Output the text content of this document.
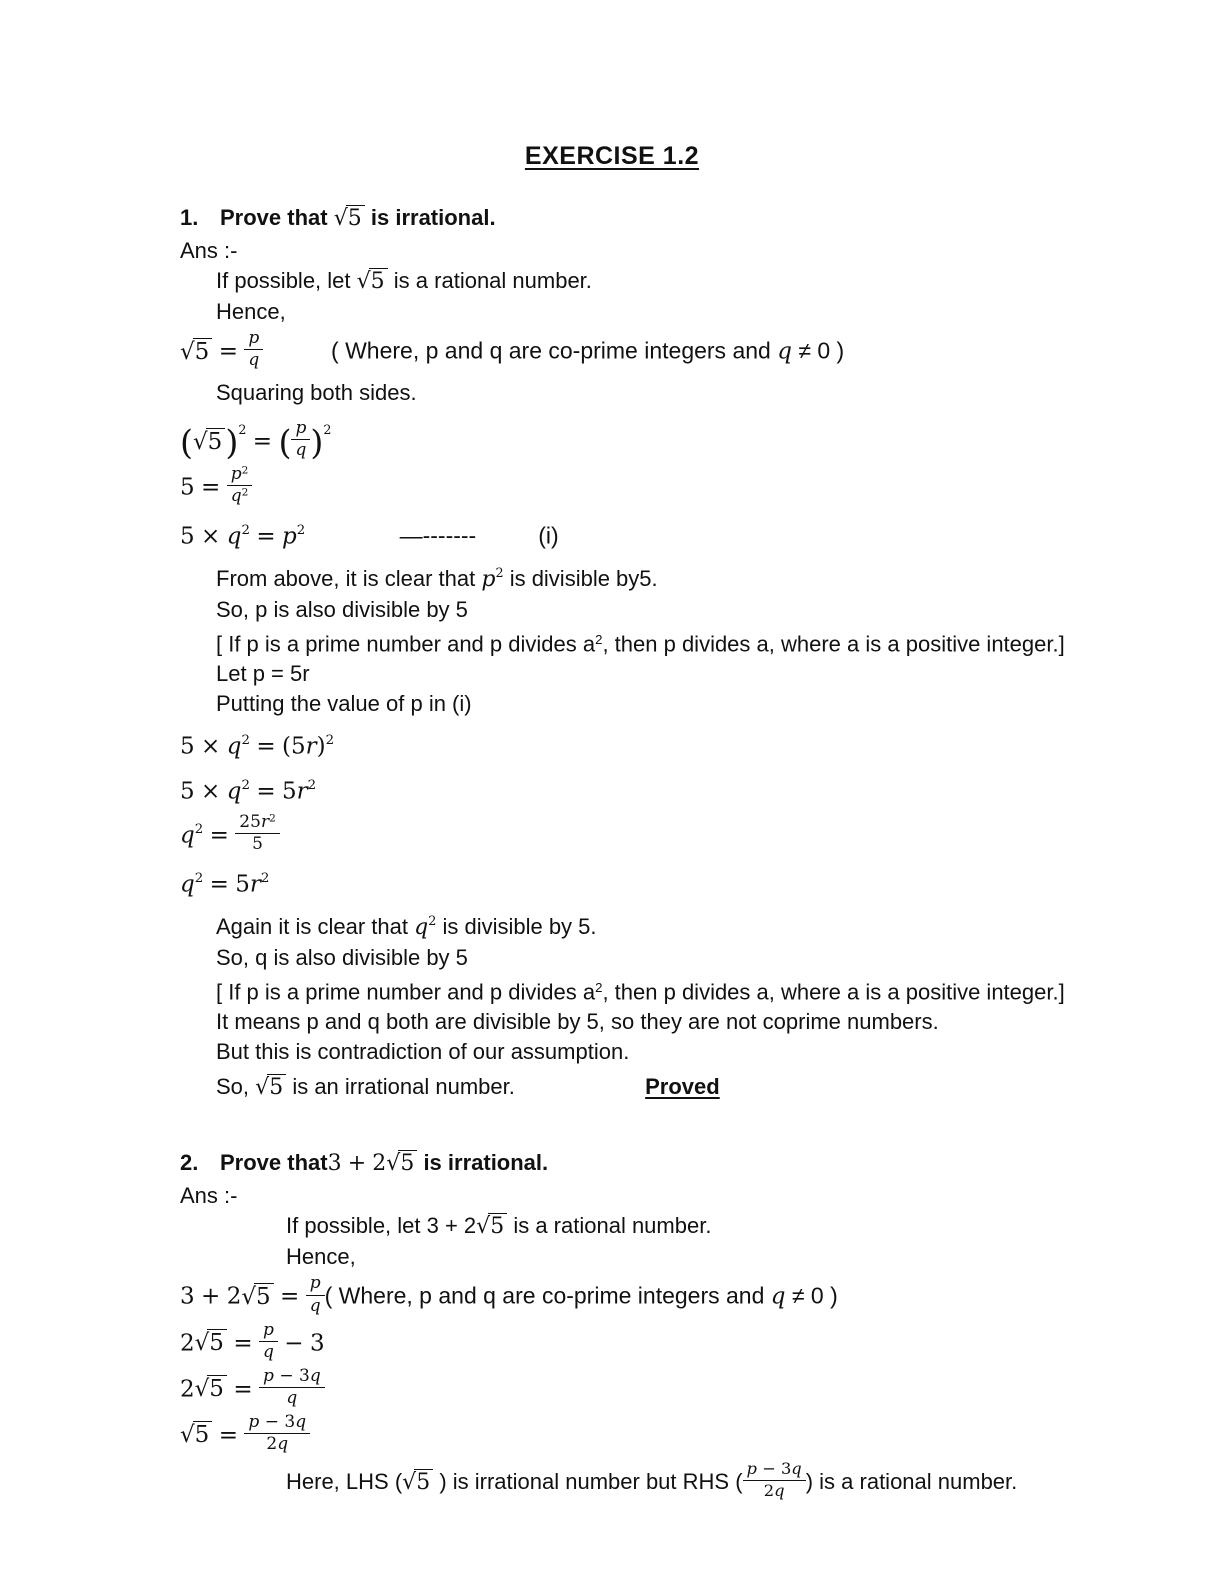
EXERCISE 1.2
1. Prove that √5 is irrational.

Ans :-

If possible, let √5 is a rational number.

Hence,

$√5 = \frac{p}{q}$	( Where, p and q are co-prime integers and q ≠ 0 )

Squaring both sides.

$(√5)^2$ = ( $\frac{p}{q} )^2$

$5 = \frac{p^2}{q^2}$

$5 \times q^2 = p^2$	—-------	(i)

From above, it is clear that $p^2$ is divisible by5.

So, p is also divisible by 5

[ If p is a prime number and p divides $a^2$, then p divides a, where a is a positive integer.]

Let p = 5r

Putting the value of p in (i)

$5 \times q^2 = (5r)^2$

$5 \times q^2 = 5r^2$

$q^2 = \frac{25r^2}{5}$

$q^2 = 5r^2$

Again it is clear that $q^2$ is divisible by 5.

So, q is also divisible by 5

[ If p is a prime number and p divides $a^2$, then p divides a, where a is a positive integer.]

It means p and q both are divisible by 5, so they are not coprime numbers.

But this is contradiction of our assumption.

So, √5 is an irrational number.	Proved

2. Prove that3 + 2√5 is irrational.

Ans :-

If possible, let 3 + 2√5 is a rational number.

Hence,

$3 + 2√5 = \frac{p}{q}$ ( Where, p and q are co-prime integers and q ≠ 0 )

$2√5 = \frac{p}{q} - 3$

$2√5 = \frac{p - 3q}{q}$

$√5 = \frac{p - 3q}{2q}$

Here, LHS (√5 ) is irrational number but RHS ( $\frac{p - 3q}{2q}$ ) is a rational number.
